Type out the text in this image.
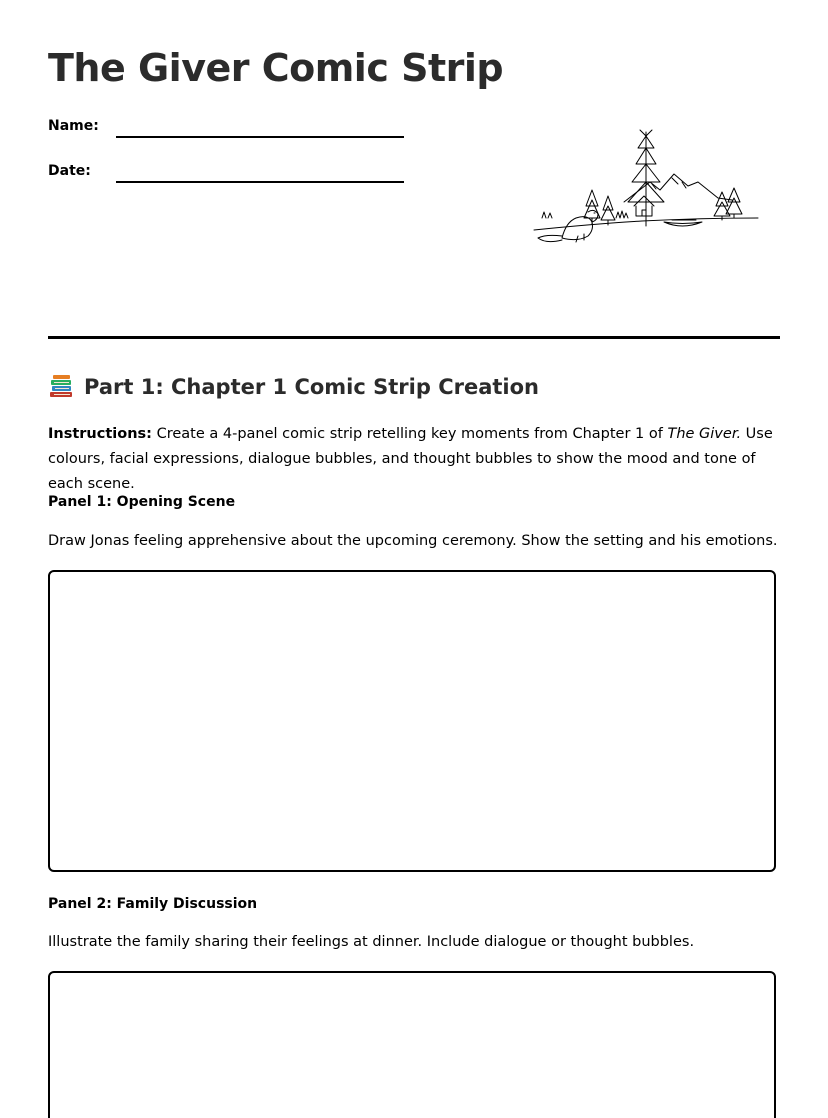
The Giver Comic Strip
Name:
Date:
Part 1: Chapter 1 Comic Strip Creation

Instructions: Create a 4-panel comic strip retelling key moments from Chapter 1 of The Giver. Use colours, facial expressions, dialogue bubbles, and thought bubbles to show the mood and tone of each scene.

Panel 1: Opening Scene

Draw Jonas feeling apprehensive about the upcoming ceremony. Show the setting and his emotions.

Panel 2: Family Discussion

Illustrate the family sharing their feelings at dinner. Include dialogue or thought bubbles.
